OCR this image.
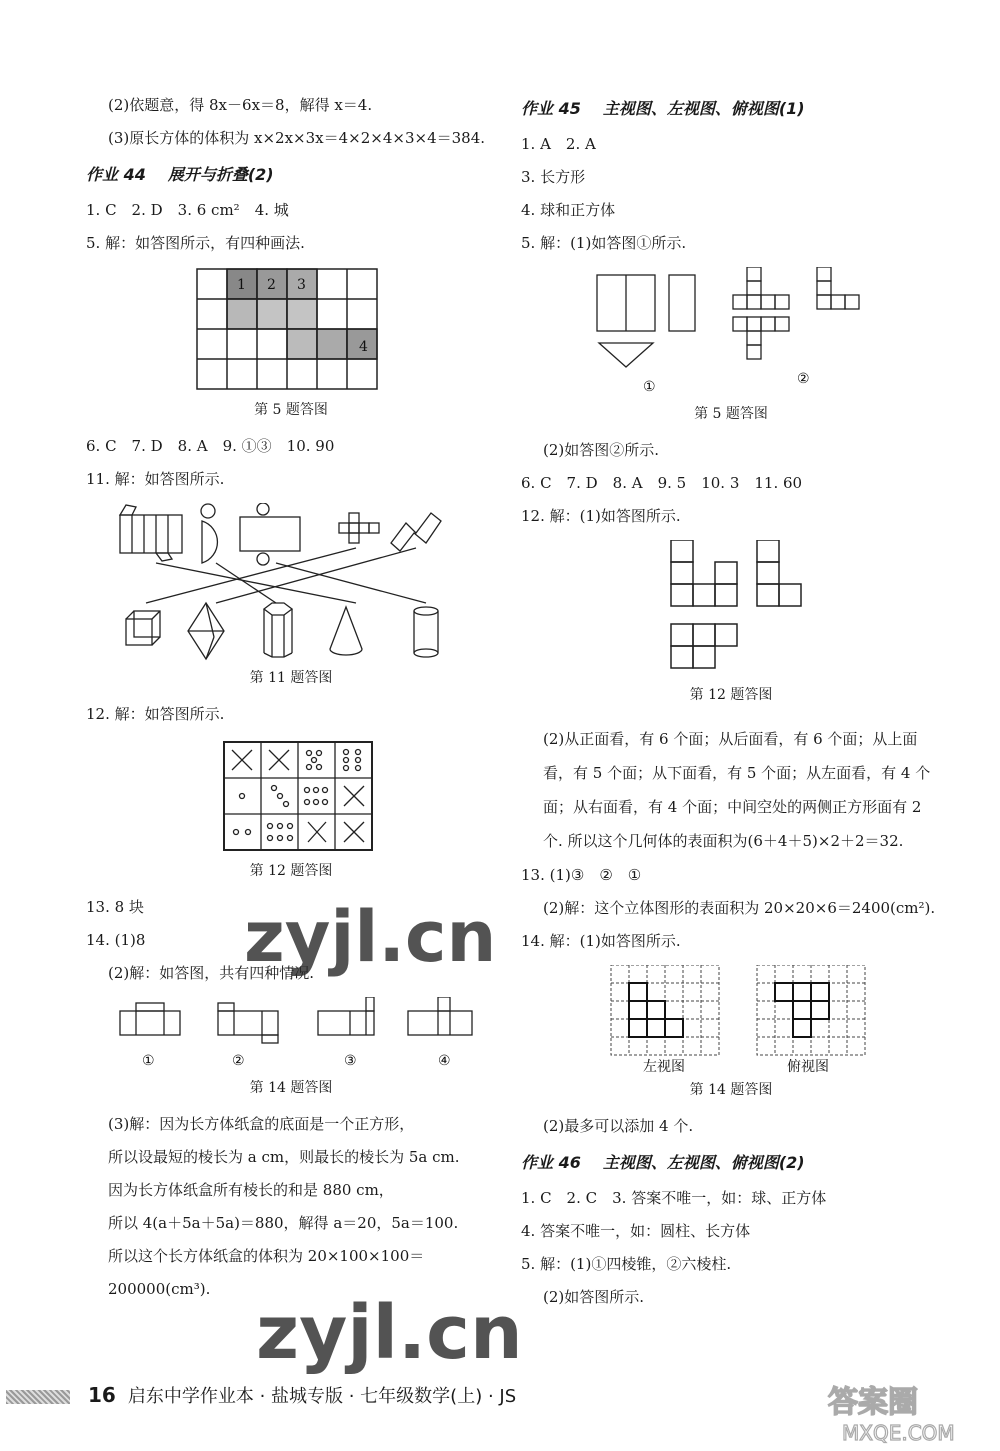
(2)依题意，得 8x－6x＝8，解得 x＝4.
(3)原长方体的体积为 x×2x×3x＝4×2×4×3×4＝384.
作业 44 展开与折叠(2)
1. C　2. D　3. 6 cm²　4. 城
5. 解：如答图所示，有四种画法.
1 2 3
4
第 5 题答图
6. C　7. D　8. A　9. ①③　10. 90
11. 解：如答图所示.
第 11 题答图
12. 解：如答图所示.
第 12 题答图
13. 8 块
14. (1)8
(2)解：如答图，共有四种情况.
①	②	③	④
第 14 题答图
(3)解：因为长方体纸盒的底面是一个正方形，
所以设最短的棱长为 a cm，则最长的棱长为 5a cm.
因为长方体纸盒所有棱长的和是 880 cm，
所以 4(a＋5a＋5a)＝880，解得 a＝20，5a＝100.
所以这个长方体纸盒的体积为 20×100×100＝
200000(cm³).
作业 45 主视图、左视图、俯视图(1)
1. A　2. A
3. 长方形
4. 球和正方体
5. 解：(1)如答图①所示.
①	②
第 5 题答图
(2)如答图②所示.
6. C　7. D　8. A　9. 5　10. 3　11. 60
12. 解：(1)如答图所示.
第 12 题答图
(2)从正面看，有 6 个面；从后面看，有 6 个面；从上面看，有 5 个面；从下面看，有 5 个面；从左面看，有 4 个面；从右面看，有 4 个面；中间空处的两侧正方形面有 2 个. 所以这个几何体的表面积为(6＋4＋5)×2＋2＝32.
13. (1)③　②　①
(2)解：这个立体图形的表面积为 20×20×6＝2400(cm²).
14. 解：(1)如答图所示.
左视图	俯视图
第 14 题答图
(2)最多可以添加 4 个.
作业 46 主视图、左视图、俯视图(2)
1. C　2. C　3. 答案不唯一，如：球、正方体
4. 答案不唯一，如：圆柱、长方体
5. 解：(1)①四棱锥，②六棱柱.
(2)如答图所示.
zyjl.cn
zyjl.cn
答案圈
MXQE.COM
16 启东中学作业本 · 盐城专版 · 七年级数学(上) · JS
